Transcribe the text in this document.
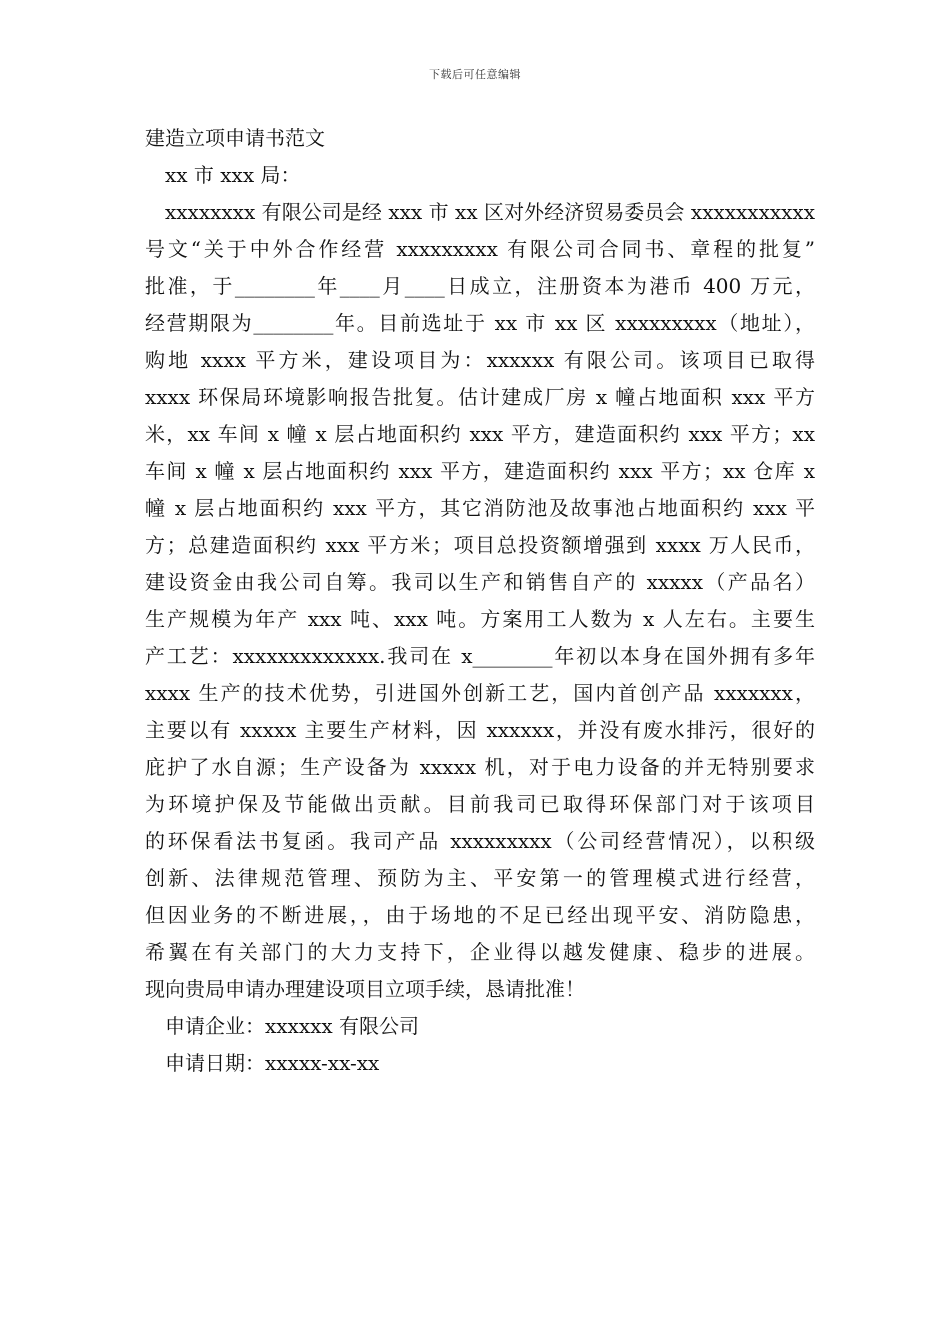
下载后可任意编辑
建造立项申请书范文
xx 市 xxx 局：
xxxxxxxx 有限公司是经 xxx 市 xx 区对外经济贸易委员会 xxxxxxxxxxx
号文“关于中外合作经营 xxxxxxxxx 有限公司合同书、章程的批复”
批准，于________年____月____日成立，注册资本为港币 400 万元，
经营期限为________年。目前选址于 xx 市 xx 区 xxxxxxxxx（地址），
购地 xxxx 平方米，建设项目为：xxxxxx 有限公司。该项目已取得
xxxx 环保局环境影响报告批复。估计建成厂房 x 幢占地面积 xxx 平方
米，xx 车间 x 幢 x 层占地面积约 xxx 平方，建造面积约 xxx 平方；xx
车间 x 幢 x 层占地面积约 xxx 平方，建造面积约 xxx 平方；xx 仓库 x
幢 x 层占地面积约 xxx 平方，其它消防池及故事池占地面积约 xxx 平
方；总建造面积约 xxx 平方米；项目总投资额增强到 xxxx 万人民币，
建设资金由我公司自筹。我司以生产和销售自产的 xxxxx（产品名）
生产规模为年产 xxx 吨、xxx 吨。方案用工人数为 x 人左右。主要生
产工艺：xxxxxxxxxxxxx.我司在 x________年初以本身在国外拥有多年
xxxx 生产的技术优势，引进国外创新工艺，国内首创产品 xxxxxxx，
主要以有 xxxxx 主要生产材料，因 xxxxxx，并没有废水排污，很好的
庇护了水自源；生产设备为 xxxxx 机，对于电力设备的并无特别要求
为环境护保及节能做出贡献。目前我司已取得环保部门对于该项目
的环保看法书复函。我司产品 xxxxxxxxx（公司经营情况），以积级
创新、法律规范管理、预防为主、平安第一的管理模式进行经营，
但因业务的不断进展，，由于场地的不足已经出现平安、消防隐患，
希翼在有关部门的大力支持下，企业得以越发健康、稳步的进展。
现向贵局申请办理建设项目立项手续，恳请批准！
申请企业：xxxxxx 有限公司
申请日期：xxxxx-xx-xx
